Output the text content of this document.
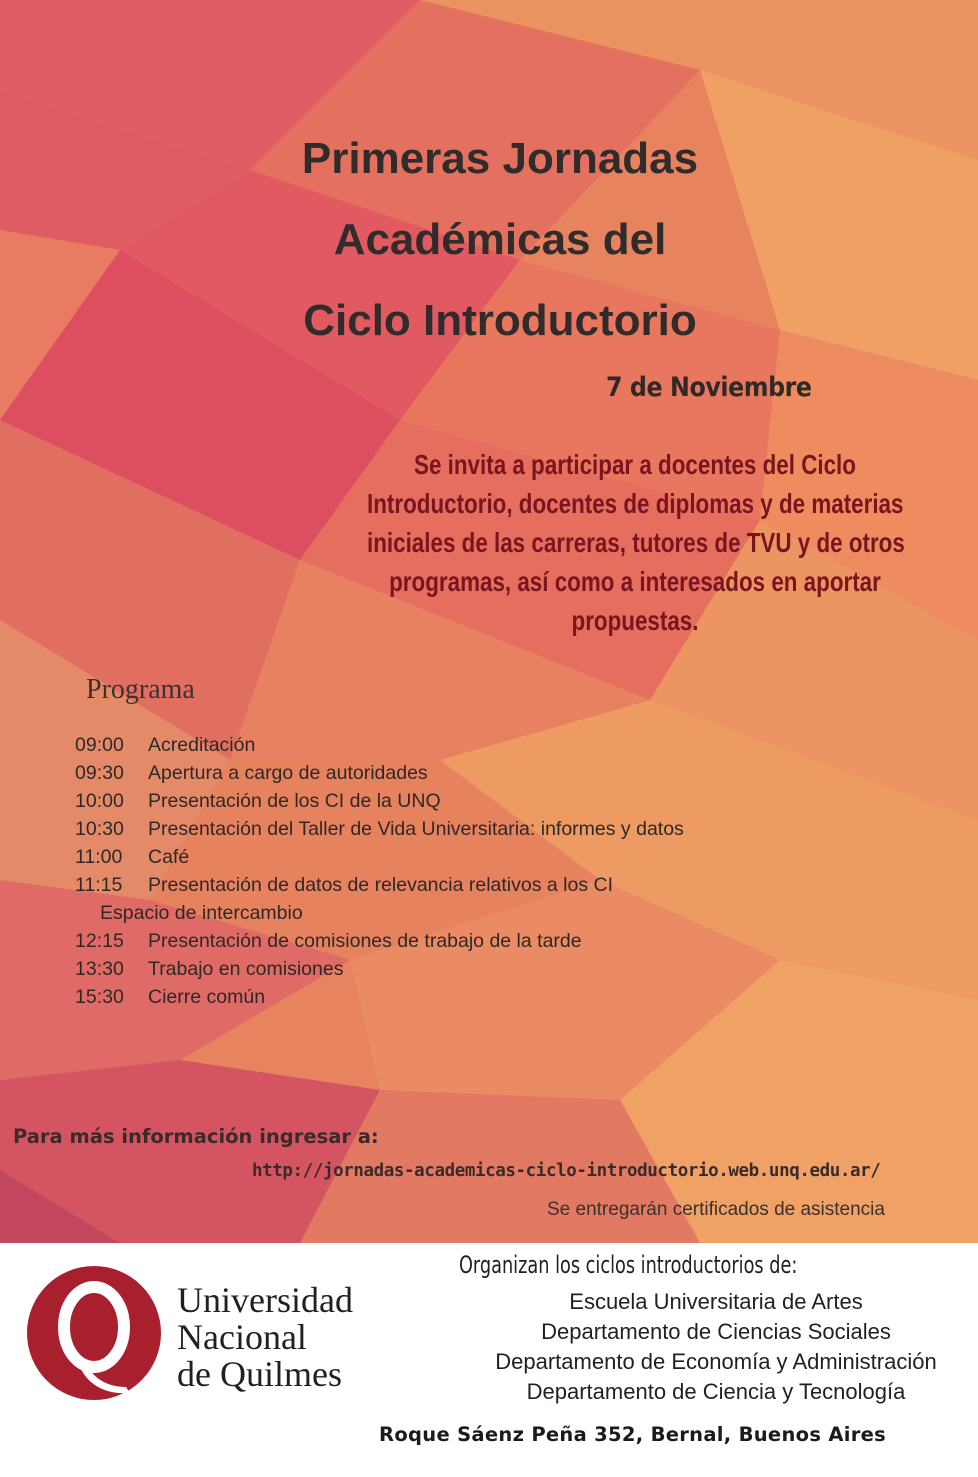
Primeras Jornadas
Académicas del
Ciclo Introductorio
7 de Noviembre
Se invita a participar a docentes del Ciclo
Introductorio, docentes de diplomas y de materias
iniciales de las carreras, tutores de TVU y de otros
programas, así como a interesados en aportar
propuestas.
Programa
09:00	Acreditación
09:30	Apertura a cargo de autoridades
10:00	Presentación de los CI de la UNQ
10:30	Presentación del Taller de Vida Universitaria: informes y datos
11:00	Café
11:15	Presentación de datos de relevancia relativos a los CI
Espacio de intercambio
12:15	Presentación de comisiones de trabajo de la tarde
13:30	Trabajo en comisiones
15:30	Cierre común
Para más información ingresar a:
http://jornadas-academicas-ciclo-introductorio.web.unq.edu.ar/
Se entregarán certificados de asistencia
Universidad
Nacional
de Quilmes
Organizan los ciclos introductorios de:
Escuela Universitaria de Artes
Departamento de Ciencias Sociales
Departamento de Economía y Administración
Departamento de Ciencia y Tecnología
Roque Sáenz Peña 352, Bernal, Buenos Aires
